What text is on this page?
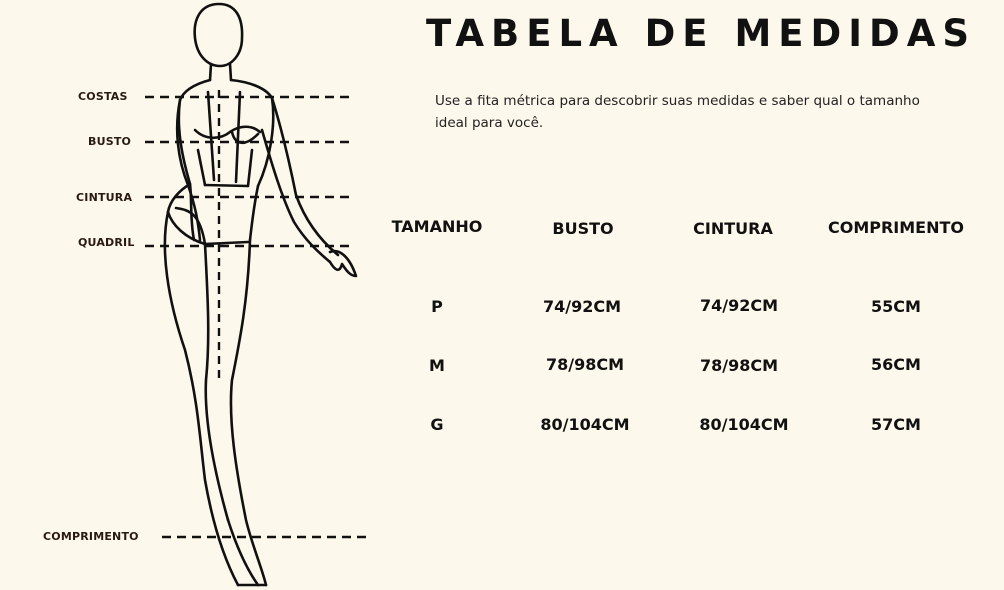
COSTAS
BUSTO
CINTURA
QUADRIL
COMPRIMENTO
TABELA DE MEDIDAS
Use a fita métrica para descobrir suas medidas e saber qual o tamanho ideal para você.
TAMANHO	BUSTO	CINTURA	COMPRIMENTO
P	74/92CM	74/92CM	55CM
M	78/98CM	78/98CM	56CM
G	80/104CM	80/104CM	57CM
